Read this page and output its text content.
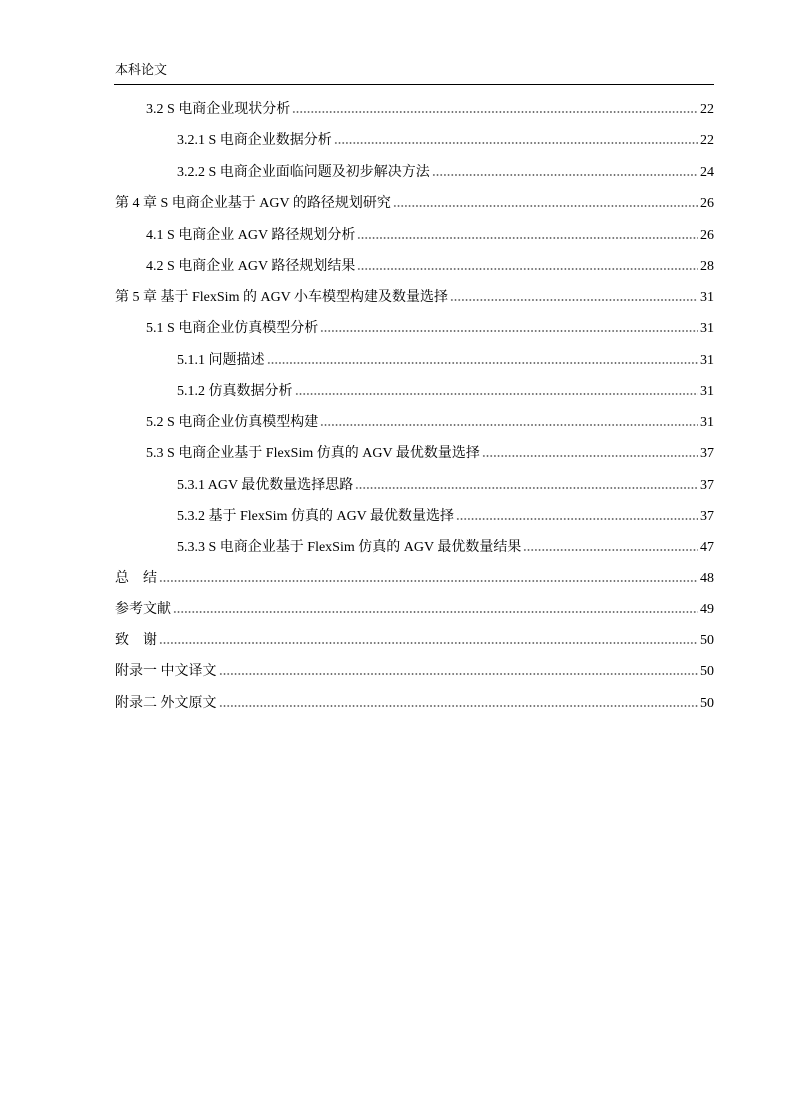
本科论文
3.2 S 电商企业现状分析	22
3.2.1 S 电商企业数据分析	22
3.2.2 S 电商企业面临问题及初步解决方法	24
第 4 章 S 电商企业基于 AGV 的路径规划研究	26
4.1 S 电商企业 AGV 路径规划分析	26
4.2 S 电商企业 AGV 路径规划结果	28
第 5 章 基于 FlexSim 的 AGV 小车模型构建及数量选择	31
5.1 S 电商企业仿真模型分析	31
5.1.1 问题描述	31
5.1.2 仿真数据分析	31
5.2 S 电商企业仿真模型构建	31
5.3 S 电商企业基于 FlexSim 仿真的 AGV 最优数量选择	37
5.3.1 AGV 最优数量选择思路	37
5.3.2 基于 FlexSim 仿真的 AGV 最优数量选择	37
5.3.3 S 电商企业基于 FlexSim 仿真的 AGV 最优数量结果	47
总　结	48
参考文献	49
致　谢	50
附录一 中文译文	50
附录二 外文原文	50
